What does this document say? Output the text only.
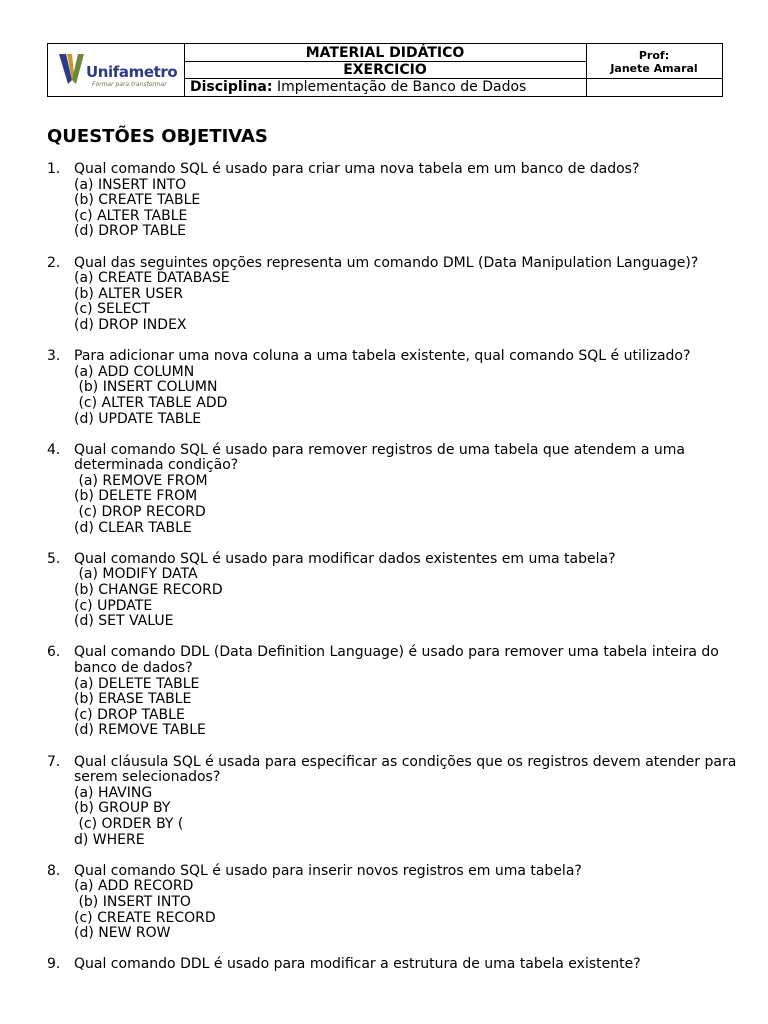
Unifametro
Formar para transformar
MATERIAL DIDÁTICO
EXERCICIO
Disciplina: Implementação de Banco de Dados
Prof:
Janete Amaral
QUESTÕES OBJETIVAS
1. Qual comando SQL é usado para criar uma nova tabela em um banco de dados?
(a) INSERT INTO
(b) CREATE TABLE
(c) ALTER TABLE
(d) DROP TABLE
2. Qual das seguintes opções representa um comando DML (Data Manipulation Language)?
(a) CREATE DATABASE
(b) ALTER USER
(c) SELECT
(d) DROP INDEX
3. Para adicionar uma nova coluna a uma tabela existente, qual comando SQL é utilizado?
(a) ADD COLUMN
(b) INSERT COLUMN
(c) ALTER TABLE ADD
(d) UPDATE TABLE
4. Qual comando SQL é usado para remover registros de uma tabela que atendem a uma determinada condição?
(a) REMOVE FROM
(b) DELETE FROM
(c) DROP RECORD
(d) CLEAR TABLE
5. Qual comando SQL é usado para modificar dados existentes em uma tabela?
(a) MODIFY DATA
(b) CHANGE RECORD
(c) UPDATE
(d) SET VALUE
6. Qual comando DDL (Data Definition Language) é usado para remover uma tabela inteira do banco de dados?
(a) DELETE TABLE
(b) ERASE TABLE
(c) DROP TABLE
(d) REMOVE TABLE
7. Qual cláusula SQL é usada para especificar as condições que os registros devem atender para serem selecionados?
(a) HAVING
(b) GROUP BY
(c) ORDER BY (
d) WHERE
8. Qual comando SQL é usado para inserir novos registros em uma tabela?
(a) ADD RECORD
(b) INSERT INTO
(c) CREATE RECORD
(d) NEW ROW
9. Qual comando DDL é usado para modificar a estrutura de uma tabela existente?
